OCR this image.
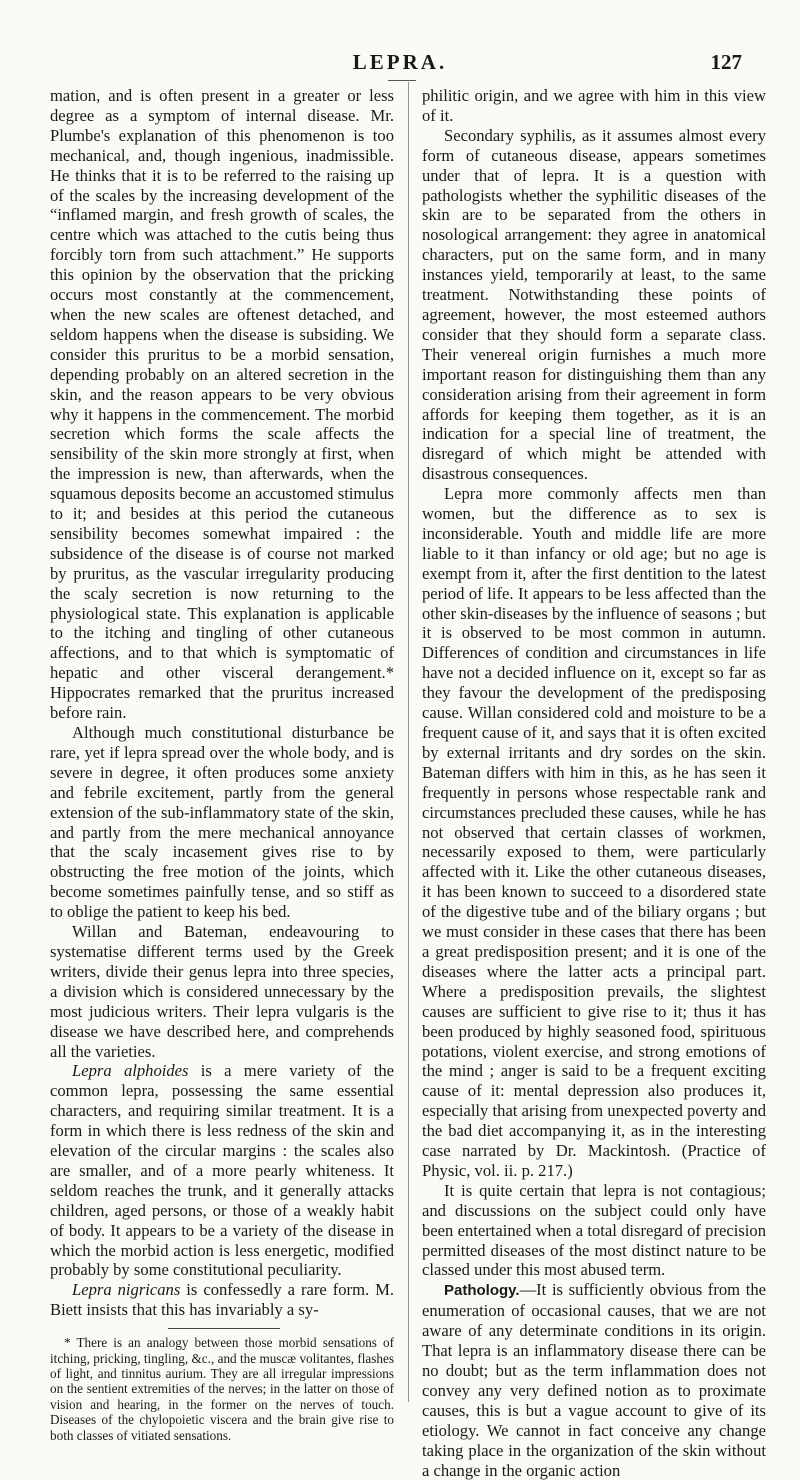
LEPRA.	127

mation, and is often present in a greater or less degree as a symptom of internal disease. Mr. Plumbe's explanation of this phenomenon is too mechanical, and, though ingenious, inadmissible. He thinks that it is to be referred to the raising up of the scales by the increasing development of the “inflamed margin, and fresh growth of scales, the centre which was attached to the cutis being thus forcibly torn from such attachment.” He supports this opinion by the observation that the pricking occurs most constantly at the commencement, when the new scales are oftenest detached, and seldom happens when the disease is subsiding. We consider this pruritus to be a morbid sensation, depending probably on an altered secretion in the skin, and the reason appears to be very obvious why it happens in the commencement. The morbid secretion which forms the scale affects the sensibility of the skin more strongly at first, when the impression is new, than afterwards, when the squamous deposits become an accustomed stimulus to it; and besides at this period the cutaneous sensibility becomes somewhat impaired : the subsidence of the disease is of course not marked by pruritus, as the vascular irregularity producing the scaly secretion is now returning to the physiological state. This explanation is applicable to the itching and tingling of other cutaneous affections, and to that which is symptomatic of hepatic and other visceral derangement.* Hippocrates remarked that the pruritus increased before rain.

Although much constitutional disturbance be rare, yet if lepra spread over the whole body, and is severe in degree, it often produces some anxiety and febrile excitement, partly from the general extension of the sub-inflammatory state of the skin, and partly from the mere mechanical annoyance that the scaly incasement gives rise to by obstructing the free motion of the joints, which become sometimes painfully tense, and so stiff as to oblige the patient to keep his bed.

Willan and Bateman, endeavouring to systematise different terms used by the Greek writers, divide their genus lepra into three species, a division which is considered unnecessary by the most judicious writers. Their lepra vulgaris is the disease we have described here, and comprehends all the varieties.

Lepra alphoides is a mere variety of the common lepra, possessing the same essential characters, and requiring similar treatment. It is a form in which there is less redness of the skin and elevation of the circular margins : the scales also are smaller, and of a more pearly whiteness. It seldom reaches the trunk, and it generally attacks children, aged persons, or those of a weakly habit of body. It appears to be a variety of the disease in which the morbid action is less energetic, modified probably by some constitutional peculiarity.

Lepra nigricans is confessedly a rare form. M. Biett insists that this has invariably a sy-

* There is an analogy between those morbid sensations of itching, pricking, tingling, &c., and the muscæ volitantes, flashes of light, and tinnitus aurium. They are all irregular impressions on the sentient extremities of the nerves; in the latter on those of vision and hearing, in the former on the nerves of touch. Diseases of the chylopoietic viscera and the brain give rise to both classes of vitiated sensations.

philitic origin, and we agree with him in this view of it.

Secondary syphilis, as it assumes almost every form of cutaneous disease, appears sometimes under that of lepra. It is a question with pathologists whether the syphilitic diseases of the skin are to be separated from the others in nosological arrangement: they agree in anatomical characters, put on the same form, and in many instances yield, temporarily at least, to the same treatment. Notwithstanding these points of agreement, however, the most esteemed authors consider that they should form a separate class. Their venereal origin furnishes a much more important reason for distinguishing them than any consideration arising from their agreement in form affords for keeping them together, as it is an indication for a special line of treatment, the disregard of which might be attended with disastrous consequences.

Lepra more commonly affects men than women, but the difference as to sex is inconsiderable. Youth and middle life are more liable to it than infancy or old age; but no age is exempt from it, after the first dentition to the latest period of life. It appears to be less affected than the other skin-diseases by the influence of seasons ; but it is observed to be most common in autumn. Differences of condition and circumstances in life have not a decided influence on it, except so far as they favour the development of the predisposing cause. Willan considered cold and moisture to be a frequent cause of it, and says that it is often excited by external irritants and dry sordes on the skin. Bateman differs with him in this, as he has seen it frequently in persons whose respectable rank and circumstances precluded these causes, while he has not observed that certain classes of workmen, necessarily exposed to them, were particularly affected with it. Like the other cutaneous diseases, it has been known to succeed to a disordered state of the digestive tube and of the biliary organs ; but we must consider in these cases that there has been a great predisposition present; and it is one of the diseases where the latter acts a principal part. Where a predisposition prevails, the slightest causes are sufficient to give rise to it; thus it has been produced by highly seasoned food, spirituous potations, violent exercise, and strong emotions of the mind ; anger is said to be a frequent exciting cause of it: mental depression also produces it, especially that arising from unexpected poverty and the bad diet accompanying it, as in the interesting case narrated by Dr. Mackintosh. (Practice of Physic, vol. ii. p. 217.)

It is quite certain that lepra is not contagious; and discussions on the subject could only have been entertained when a total disregard of precision permitted diseases of the most distinct nature to be classed under this most abused term.

Pathology.—It is sufficiently obvious from the enumeration of occasional causes, that we are not aware of any determinate conditions in its origin. That lepra is an inflammatory disease there can be no doubt; but as the term inflammation does not convey any very defined notion as to proximate causes, this is but a vague account to give of its etiology. We cannot in fact conceive any change taking place in the organization of the skin without a change in the organic action
